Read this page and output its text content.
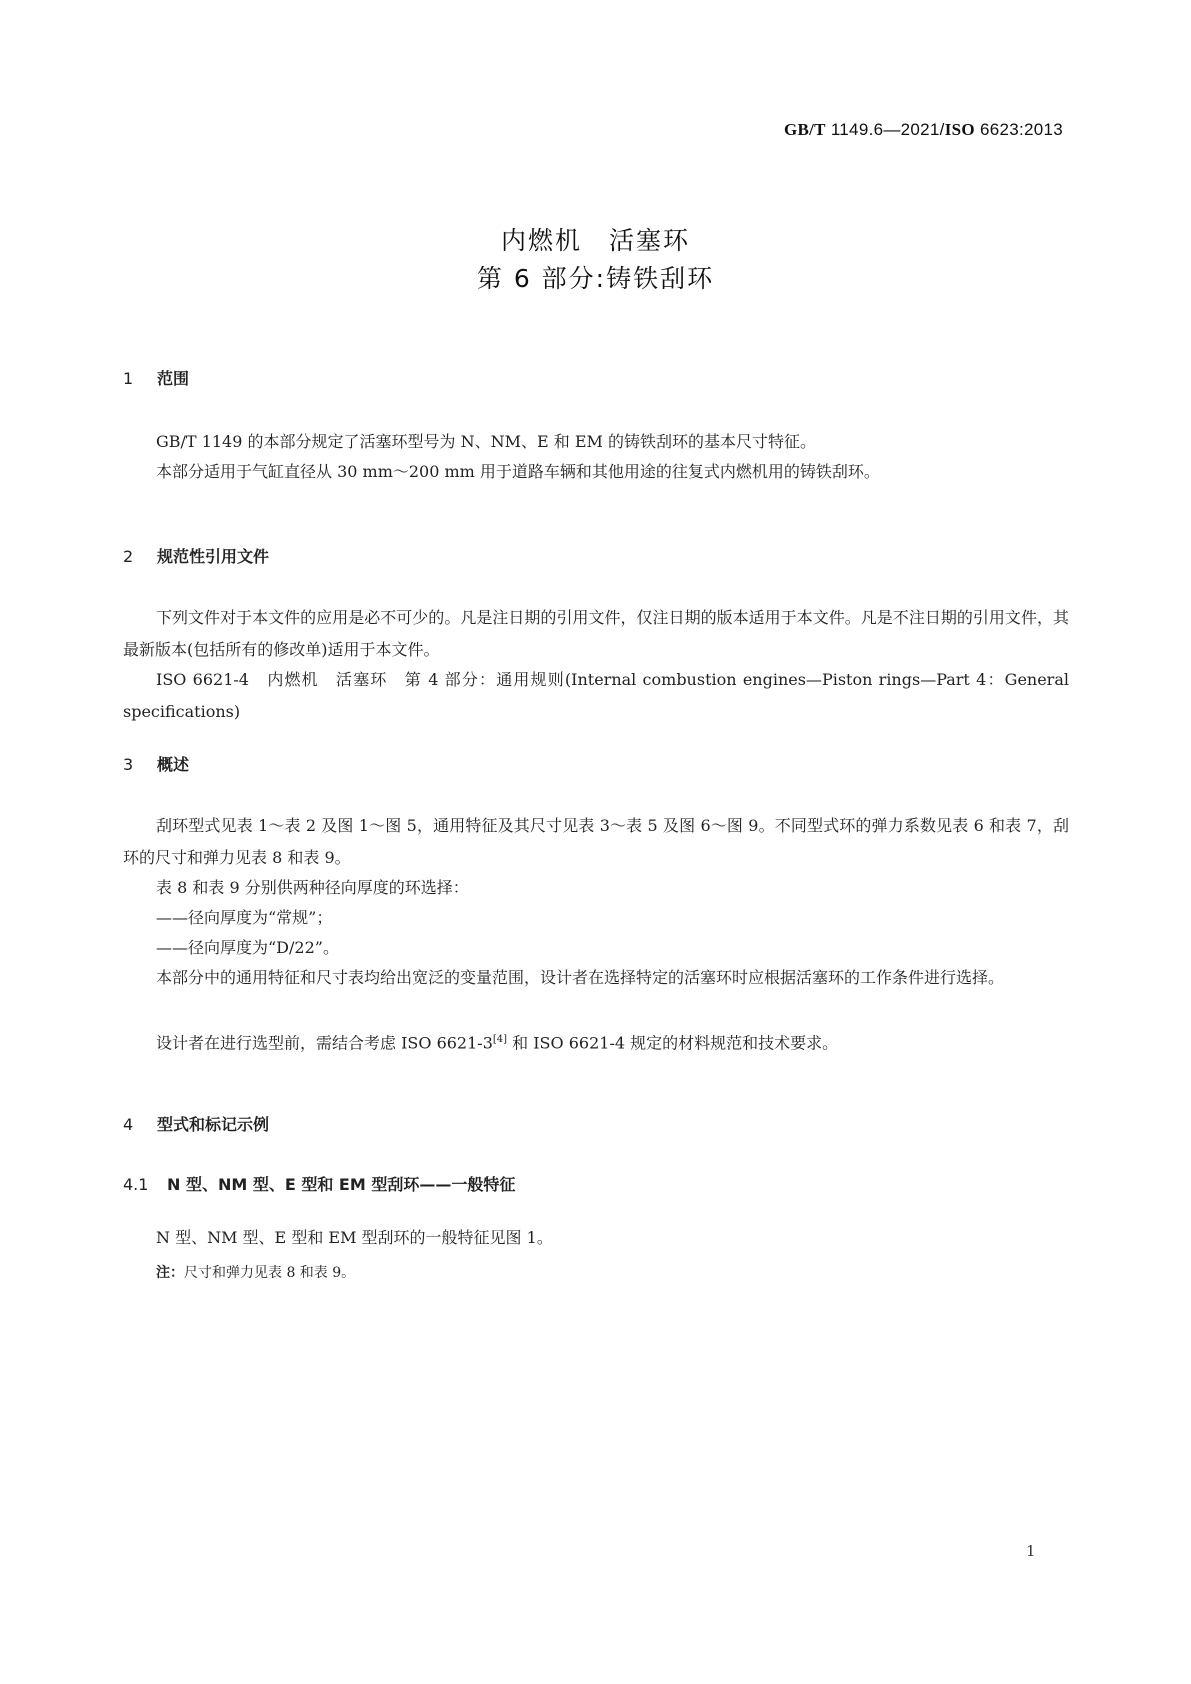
GB/T 1149.6—2021/ISO 6623:2013
内燃机　活塞环
第 6 部分:铸铁刮环
1 范围
GB/T 1149 的本部分规定了活塞环型号为 N、NM、E 和 EM 的铸铁刮环的基本尺寸特征。
本部分适用于气缸直径从 30 mm～200 mm 用于道路车辆和其他用途的往复式内燃机用的铸铁刮环。
2 规范性引用文件
下列文件对于本文件的应用是必不可少的。凡是注日期的引用文件，仅注日期的版本适用于本文件。凡是不注日期的引用文件，其最新版本(包括所有的修改单)适用于本文件。
ISO 6621-4　内燃机　活塞环　第 4 部分：通用规则(Internal combustion engines—Piston rings—Part 4：General specifications)
3 概述
刮环型式见表 1～表 2 及图 1～图 5，通用特征及其尺寸见表 3～表 5 及图 6～图 9。不同型式环的弹力系数见表 6 和表 7，刮环的尺寸和弹力见表 8 和表 9。
表 8 和表 9 分别供两种径向厚度的环选择：
——径向厚度为“常规”；
——径向厚度为“D/22”。
本部分中的通用特征和尺寸表均给出宽泛的变量范围，设计者在选择特定的活塞环时应根据活塞环的工作条件进行选择。
设计者在进行选型前，需结合考虑 ISO 6621-3[4] 和 ISO 6621-4 规定的材料规范和技术要求。
4 型式和标记示例
4.1 N 型、NM 型、E 型和 EM 型刮环——一般特征
N 型、NM 型、E 型和 EM 型刮环的一般特征见图 1。
注：尺寸和弹力见表 8 和表 9。
1
